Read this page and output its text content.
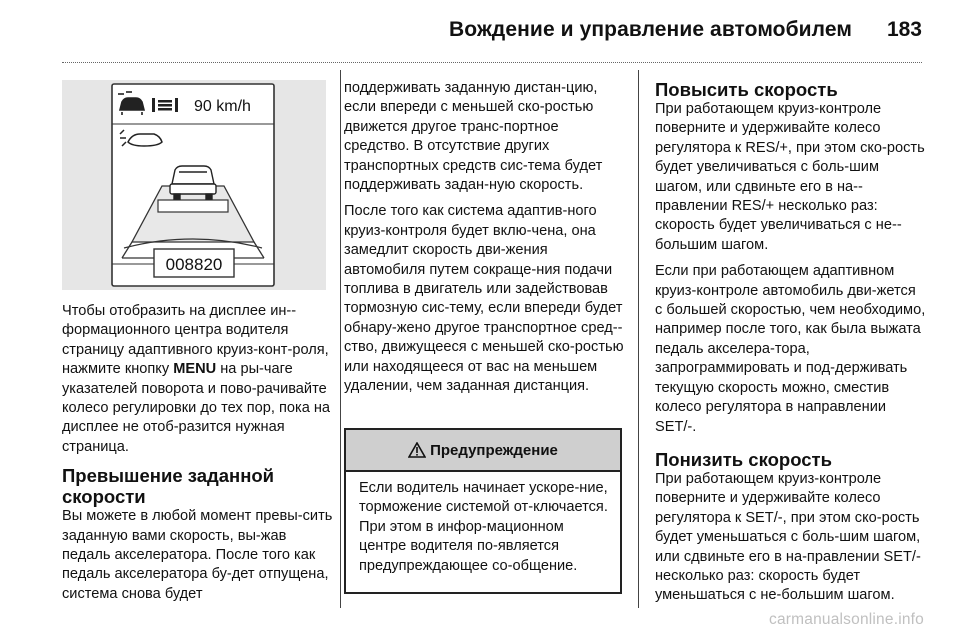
Вождение и управление автомобилем 183
90 km/h
008820

Чтобы отобразить на дисплее ин-формационного центра водителя страницу адаптивного круиз-конт-роля, нажмите кнопку MENU на ры-чаге указателей поворота и пово-рачивайте колесо регулировки до тех пор, пока на дисплее не отоб-разится нужная страница.

Превышение заданной скорости

Вы можете в любой момент превы-сить заданную вами скорость, вы-жав педаль акселератора. После того как педаль акселератора бу-дет отпущена, система снова будет

поддерживать заданную дистан-цию, если впереди с меньшей ско-ростью движется другое транс-портное средство. В отсутствие других транспортных средств сис-тема будет поддерживать задан-ную скорость.

После того как система адаптив-ного круиз-контроля будет вклю-чена, она замедлит скорость дви-жения автомобиля путем сокраще-ния подачи топлива в двигатель или задействовав тормозную сис-тему, если впереди будет обнару-жено другое транспортное сред-ство, движущееся с меньшей ско-ростью или находящееся от вас на меньшем удалении, чем заданная дистанция.

Предупреждение
Если водитель начинает ускоре-ние, торможение системой от-ключается. При этом в инфор-мационном центре водителя по-является предупреждающее со-общение.
Повысить скорость

При работающем круиз-контроле поверните и удерживайте колесо регулятора к RES/+, при этом ско-рость будет увеличиваться с боль-шим шагом, или сдвиньте его в на-правлении RES/+ несколько раз: скорость будет увеличиваться с не-большим шагом.

Если при работающем адаптивном круиз-контроле автомобиль дви-жется с большей скоростью, чем необходимо, например после того, как была выжата педаль акселера-тора, запрограммировать и под-держивать текущую скорость можно, сместив колесо регулятора в направлении SET/-.

Понизить скорость

При работающем круиз-контроле поверните и удерживайте колесо регулятора к SET/-, при этом ско-рость будет уменьшаться с боль-шим шагом, или сдвиньте его в на-правлении SET/- несколько раз: скорость будет уменьшаться с не-большим шагом.

carmanualsonline.info
